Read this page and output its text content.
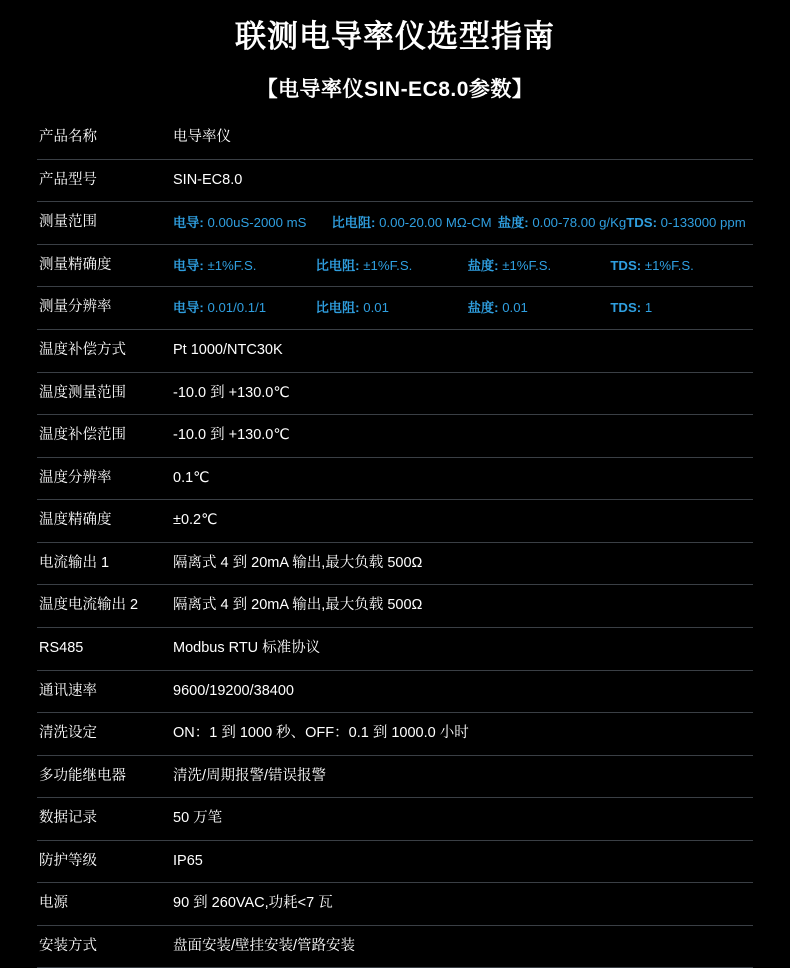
联测电导率仪选型指南
【电导率仪SIN-EC8.0参数】
产品名称	电导率仪
产品型号	SIN-EC8.0
测量范围	电导: 0.00uS-2000 mS 比电阻: 0.00-20.00 MΩ-CM 盐度: 0.00-78.00 g/Kg TDS: 0-133000 ppm

测量精确度	电导: ±1%F.S. 比电阻: ±1%F.S. 盐度: ±1%F.S. TDS: ±1%F.S.

测量分辨率	电导: 0.01/0.1/1 比电阻: 0.01 盐度: 0.01 TDS: 1

温度补偿方式	Pt 1000/NTC30K
温度测量范围	-10.0 到 +130.0℃
温度补偿范围	-10.0 到 +130.0℃
温度分辨率	0.1℃
温度精确度	±0.2℃
电流输出 1	隔离式 4 到 20mA 输出,最大负载 500Ω
温度电流输出 2	隔离式 4 到 20mA 输出,最大负载 500Ω
RS485	Modbus RTU 标准协议
通讯速率	9600/19200/38400
清洗设定	ON：1 到 1000 秒、OFF：0.1 到 1000.0 小时
多功能继电器	清洗/周期报警/错误报警
数据记录	50 万笔
防护等级	IP65
电源	90 到 260VAC,功耗<7 瓦
安装方式	盘面安装/壁挂安装/管路安装
